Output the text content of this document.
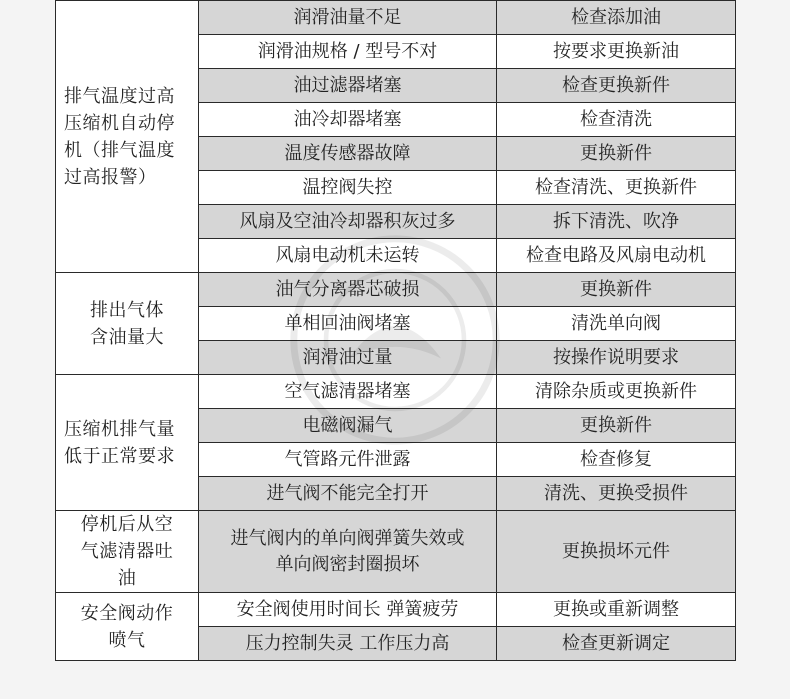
排气温度过高压缩机自动停机（排气温度过高报警）	润滑油量不足	检查添加油
	润滑油规格 / 型号不对	按要求更换新油
	油过滤器堵塞	检查更换新件
	油冷却器堵塞	检查清洗
	温度传感器故障	更换新件
	温控阀失控	检查清洗、更换新件
	风扇及空油冷却器积灰过多	拆下清洗、吹净
	风扇电动机未运转	检查电路及风扇电动机
排出气体含油量大	油气分离器芯破损	更换新件
	单相回油阀堵塞	清洗单向阀
	润滑油过量	按操作说明要求
压缩机排气量低于正常要求	空气滤清器堵塞	清除杂质或更换新件
	电磁阀漏气	更换新件
	气管路元件泄露	检查修复
	进气阀不能完全打开	清洗、更换受损件
停机后从空气滤清器吐油	进气阀内的单向阀弹簧失效或单向阀密封圈损坏	更换损坏元件
安全阀动作喷气	安全阀使用时间长 弹簧疲劳	更换或重新调整
	压力控制失灵 工作压力高	检查更新调定
